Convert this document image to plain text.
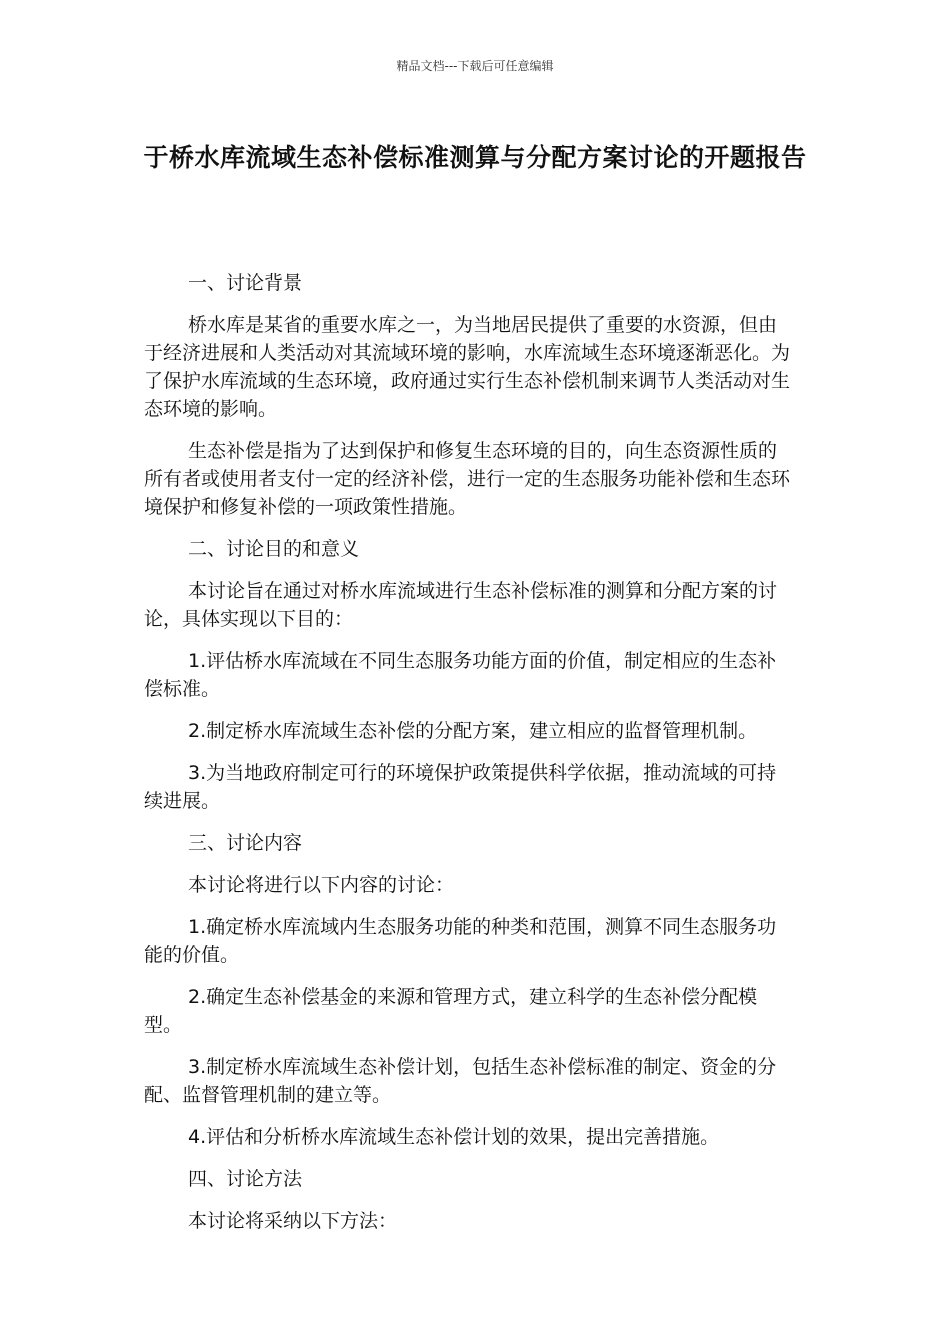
精品文档---下载后可任意编辑
于桥水库流域生态补偿标准测算与分配方案讨论的开题报告

一、讨论背景

桥水库是某省的重要水库之一，为当地居民提供了重要的水资源，但由于经济进展和人类活动对其流域环境的影响，水库流域生态环境逐渐恶化。为了保护水库流域的生态环境，政府通过实行生态补偿机制来调节人类活动对生态环境的影响。

生态补偿是指为了达到保护和修复生态环境的目的，向生态资源性质的所有者或使用者支付一定的经济补偿，进行一定的生态服务功能补偿和生态环境保护和修复补偿的一项政策性措施。

二、讨论目的和意义

本讨论旨在通过对桥水库流域进行生态补偿标准的测算和分配方案的讨论，具体实现以下目的：

1.评估桥水库流域在不同生态服务功能方面的价值，制定相应的生态补偿标准。

2.制定桥水库流域生态补偿的分配方案，建立相应的监督管理机制。

3.为当地政府制定可行的环境保护政策提供科学依据，推动流域的可持续进展。

三、讨论内容

本讨论将进行以下内容的讨论：

1.确定桥水库流域内生态服务功能的种类和范围，测算不同生态服务功能的价值。

2.确定生态补偿基金的来源和管理方式，建立科学的生态补偿分配模型。

3.制定桥水库流域生态补偿计划，包括生态补偿标准的制定、资金的分配、监督管理机制的建立等。

4.评估和分析桥水库流域生态补偿计划的效果，提出完善措施。

四、讨论方法

本讨论将采纳以下方法：
